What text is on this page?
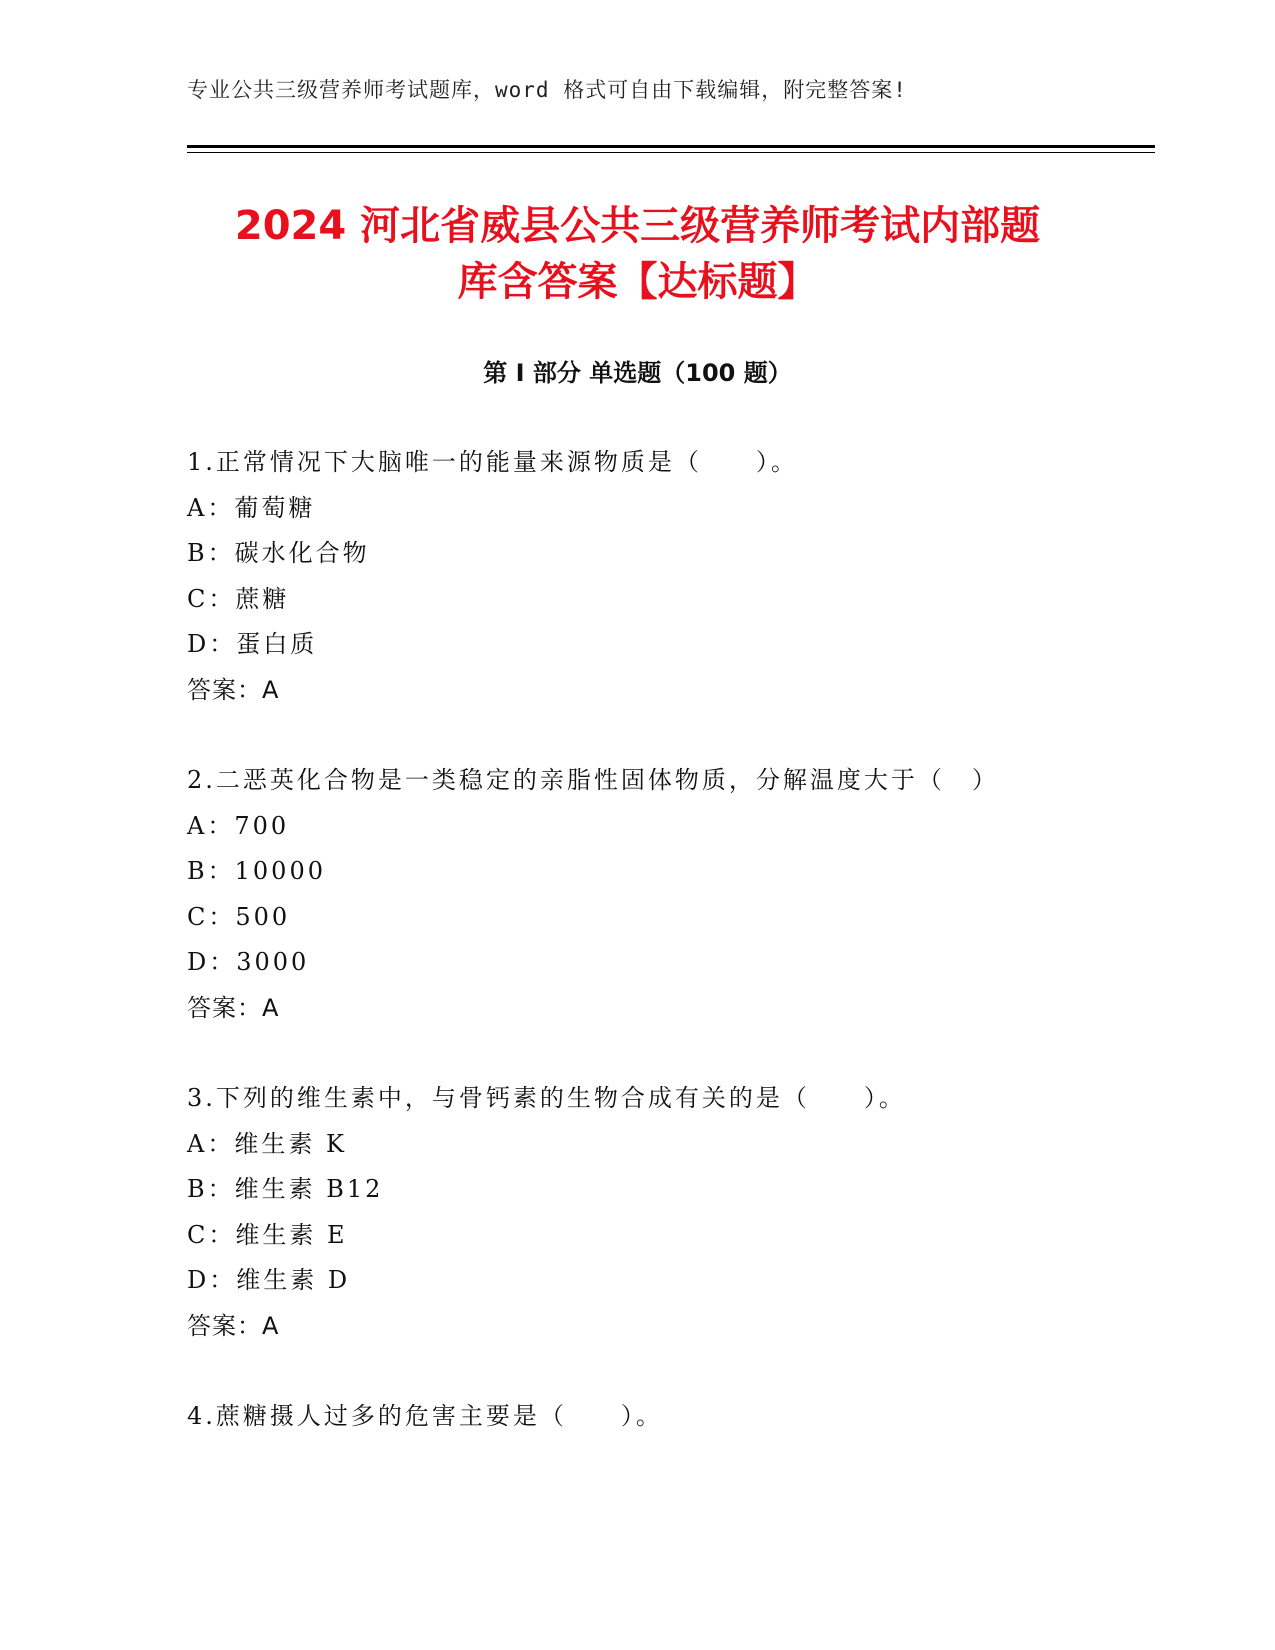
专业公共三级营养师考试题库，word 格式可自由下载编辑，附完整答案!
2024 河北省威县公共三级营养师考试内部题
库含答案【达标题】
第 I 部分 单选题（100 题）
1.正常情况下大脑唯一的能量来源物质是（　　）。
A：葡萄糖
B：碳水化合物
C：蔗糖
D：蛋白质
答案：A
2.二恶英化合物是一类稳定的亲脂性固体物质，分解温度大于（　）
A：700
B：10000
C：500
D：3000
答案：A
3.下列的维生素中，与骨钙素的生物合成有关的是（　　）。
A：维生素 K
B：维生素 B12
C：维生素 E
D：维生素 D
答案：A
4.蔗糖摄人过多的危害主要是（　　）。
